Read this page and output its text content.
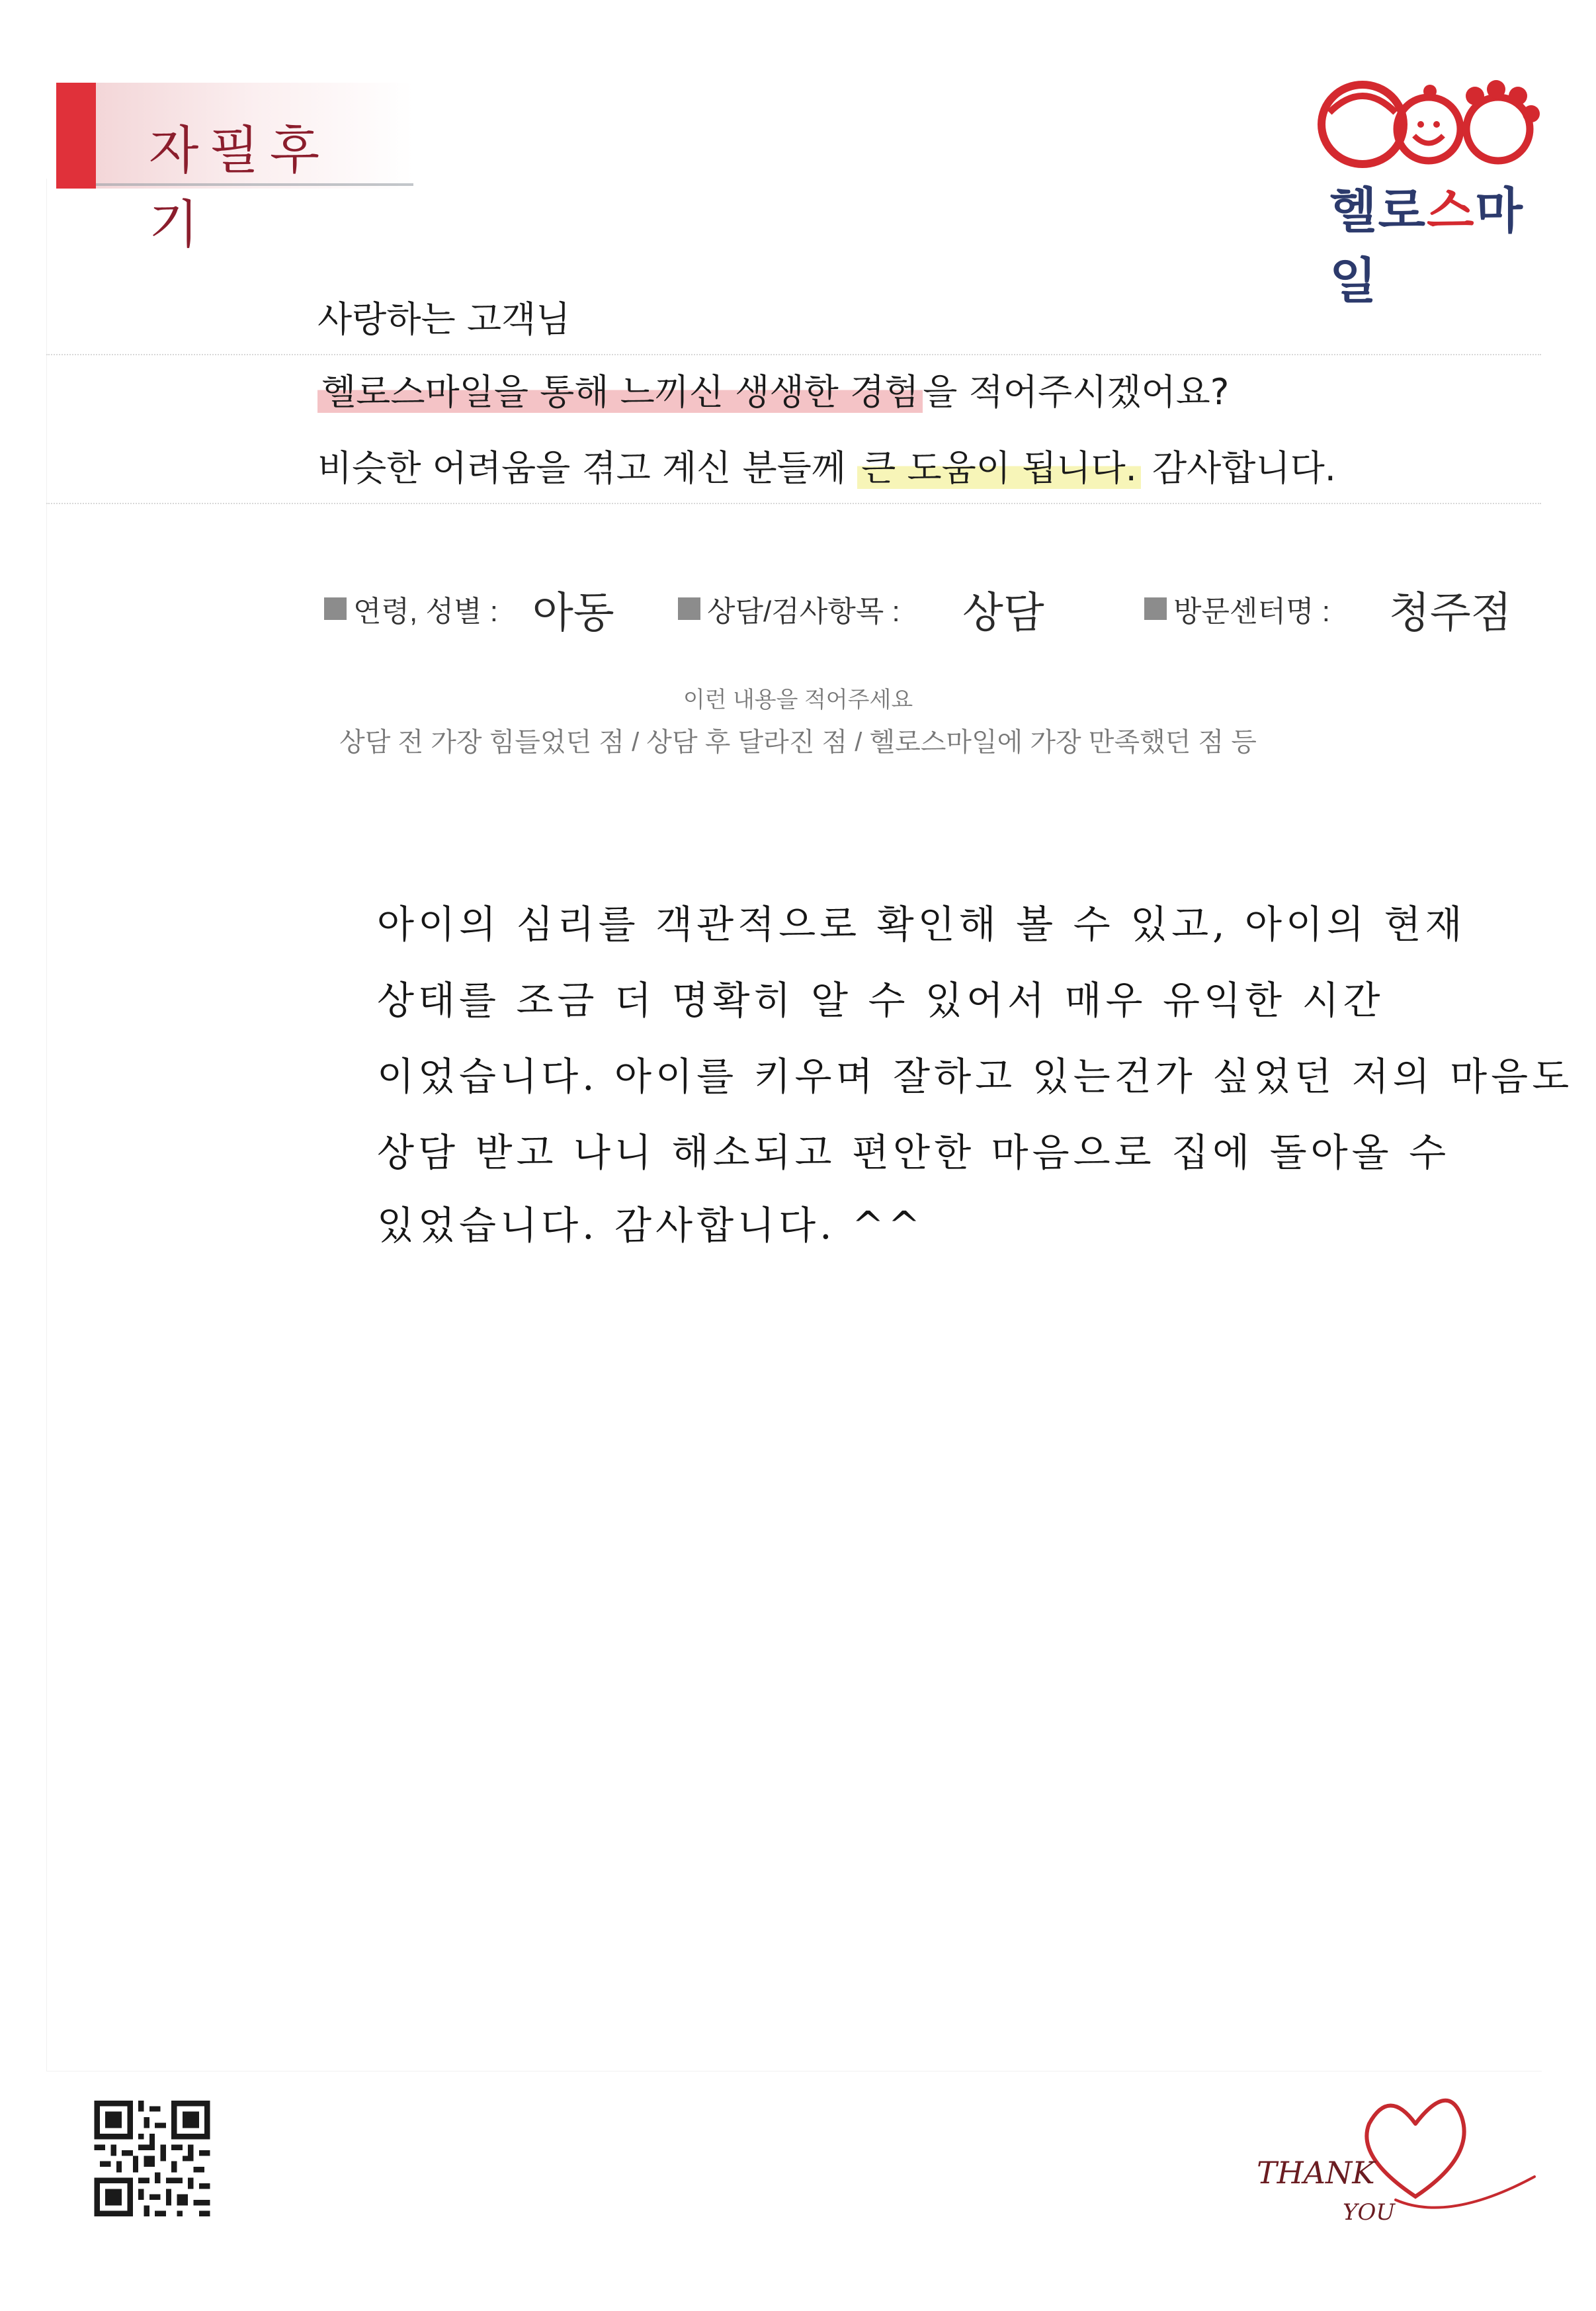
자필후기	헬로스마일
사랑하는 고객님
헬로스마일을 통해 느끼신 생생한 경험 을 적어주시겠어요?
비슷한 어려움을 겪고 계신 분들께 큰 도움이 됩니다. 감사합니다.
연령, 성별 : 아동	상담/검사항목 : 상담	방문센터명 : 청주점
이런 내용을 적어주세요
상담 전 가장 힘들었던 점 / 상담 후 달라진 점 / 헬로스마일에 가장 만족했던 점 등
아이의 심리를 객관적으로 확인해 볼 수 있고, 아이의 현재
상태를 조금 더 명확히 알 수 있어서 매우 유익한 시간
이었습니다. 아이를 키우며 잘하고 있는건가 싶었던 저의 마음도
상담 받고 나니 해소되고 편안한 마음으로 집에 돌아올 수
있었습니다. 감사합니다. ^^
THANK
YOU
